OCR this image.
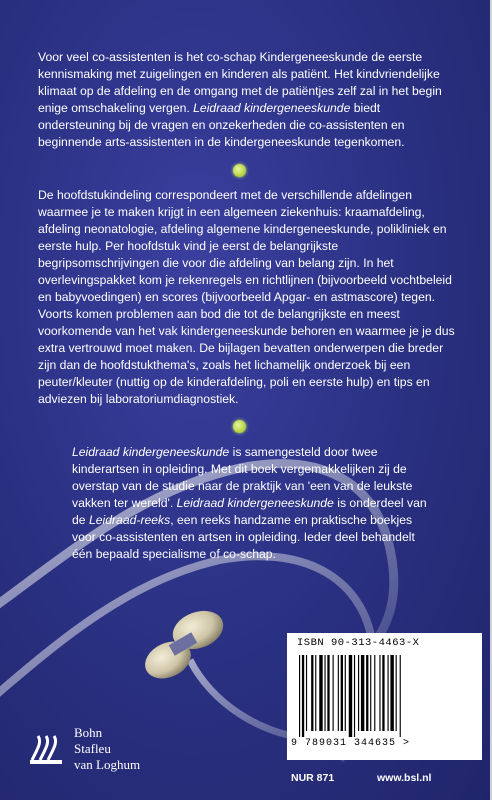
Voor veel co-assistenten is het co-schap Kindergeneeskunde de eerste kennismaking met zuigelingen en kinderen als patiënt. Het kindvriendelijke klimaat op de afdeling en de omgang met de patiëntjes zelf zal in het begin enige omschakeling vergen. Leidraad kindergeneeskunde biedt ondersteuning bij de vragen en onzekerheden die co-assistenten en beginnende arts-assistenten in de kindergeneeskunde tegenkomen.

De hoofdstukindeling correspondeert met de verschillende afdelingen waarmee je te maken krijgt in een algemeen ziekenhuis: kraamafdeling, afdeling neonatologie, afdeling algemene kindergeneeskunde, polikliniek en eerste hulp. Per hoofdstuk vind je eerst de belangrijkste begripsomschrijvingen die voor die afdeling van belang zijn. In het overlevingspakket kom je rekenregels en richtlijnen (bijvoorbeeld vochtbeleid en babyvoedingen) en scores (bijvoorbeeld Apgar- en astmascore) tegen. Voorts komen problemen aan bod die tot de belangrijkste en meest voorkomende van het vak kindergeneeskunde behoren en waarmee je je dus extra vertrouwd moet maken. De bijlagen bevatten onderwerpen die breder zijn dan de hoofdstukthema's, zoals het lichamelijk onderzoek bij een peuter/kleuter (nuttig op de kinderafdeling, poli en eerste hulp) en tips en adviezen bij laboratoriumdiagnostiek.

Leidraad kindergeneeskunde is samengesteld door twee kinderartsen in opleiding. Met dit boek vergemakkelijken zij de overstap van de studie naar de praktijk van 'een van de leukste vakken ter wereld'. Leidraad kindergeneeskunde is onderdeel van de Leidraad-reeks, een reeks handzame en praktische boekjes voor co-assistenten en artsen in opleiding. Ieder deel behandelt één bepaald specialisme of co-schap.

ISBN 90-313-4463-X
9 789031 344635 >
Bohn
Stafleu
van Loghum
NUR 871	www.bsl.nl
